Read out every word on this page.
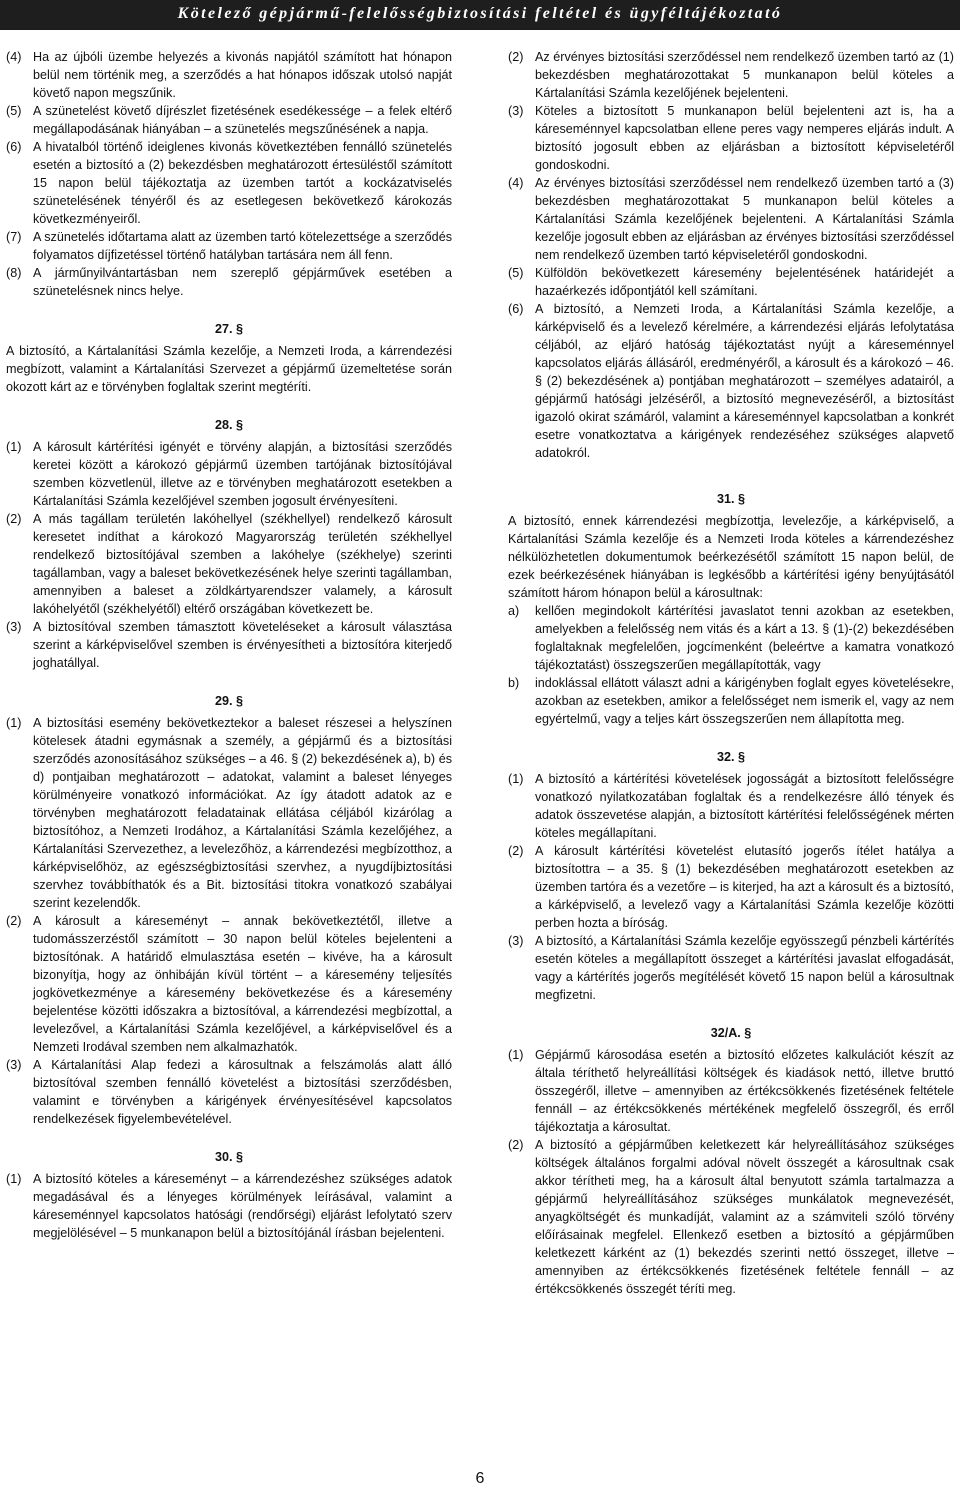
Kötelező gépjármű-felelősségbiztosítási feltétel és ügyféltájékoztató
(4) Ha az újbóli üzembe helyezés a kivonás napjától számított hat hónapon belül nem történik meg, a szerződés a hat hónapos időszak utolsó napját követő napon megszűnik.
(5) A szünetelést követő díjrészlet fizetésének esedékessége – a felek eltérő megállapodásának hiányában – a szünetelés megszűnésének a napja.
(6) A hivatalból történő ideiglenes kivonás következtében fennálló szünetelés esetén a biztosító a (2) bekezdésben meghatározott értesüléstől számított 15 napon belül tájékoztatja az üzemben tartót a kockázatviselés szünetelésének tényéről és az esetlegesen bekövetkező károkozás következményeiről.
(7) A szünetelés időtartama alatt az üzemben tartó kötelezettsége a szerződés folyamatos díjfizetéssel történő hatályban tartására nem áll fenn.
(8) A járműnyilvántartásban nem szereplő gépjárművek esetében a szünetelésnek nincs helye.
27. §

A biztosító, a Kártalanítási Számla kezelője, a Nemzeti Iroda, a kárrendezési megbízott, valamint a Kártalanítási Szervezet a gépjármű üzemeltetése során okozott kárt az e törvényben foglaltak szerint megtéríti.

28. §
(1) A károsult kártérítési igényét e törvény alapján, a biztosítási szerződés keretei között a károkozó gépjármű üzemben tartójának biztosítójával szemben közvetlenül, illetve az e törvényben meghatározott esetekben a Kártalanítási Számla kezelőjével szemben jogosult érvényesíteni.
(2) A más tagállam területén lakóhellyel (székhellyel) rendelkező károsult keresetet indíthat a károkozó Magyarország területén székhellyel rendelkező biztosítójával szemben a lakóhelye (székhelye) szerinti tagállamban, vagy a baleset bekövetkezésének helye szerinti tagállamban, amennyiben a baleset a zöldkártyarendszer valamely, a károsult lakóhelyétől (székhelyétől) eltérő országában következett be.
(3) A biztosítóval szemben támasztott követeléseket a károsult választása szerint a kárképviselővel szemben is érvényesítheti a biztosítóra kiterjedő joghatállyal.
29. §
(1) A biztosítási esemény bekövetkeztekor a baleset részesei a helyszínen kötelesek átadni egymásnak a személy, a gépjármű és a biztosítási szerződés azonosításához szükséges – a 46. § (2) bekezdésének a), b) és d) pontjaiban meghatározott – adatokat, valamint a baleset lényeges körülményeire vonatkozó információkat. Az így átadott adatok az e törvényben meghatározott feladatainak ellátása céljából kizárólag a biztosítóhoz, a Nemzeti Irodához, a Kártalanítási Számla kezelőjéhez, a Kártalanítási Szervezethez, a levelezőhöz, a kárrendezési megbízotthoz, a kárképviselőhöz, az egészségbiztosítási szervhez, a nyugdíjbiztosítási szervhez továbbíthatók és a Bit. biztosítási titokra vonatkozó szabályai szerint kezelendők.
(2) A károsult a káreseményt – annak bekövetkeztétől, illetve a tudomásszerzéstől számított – 30 napon belül köteles bejelenteni a biztosítónak. A határidő elmulasztása esetén – kivéve, ha a károsult bizonyítja, hogy az önhibáján kívül történt – a káresemény teljesítés jogkövetkezménye a káresemény bekövetkezése és a káresemény bejelentése közötti időszakra a biztosítóval, a kárrendezési megbízottal, a levelezővel, a Kártalanítási Számla kezelőjével, a kárképviselővel és a Nemzeti Irodával szemben nem alkalmazhatók.
(3) A Kártalanítási Alap fedezi a károsultnak a felszámolás alatt álló biztosítóval szemben fennálló követelést a biztosítási szerződésben, valamint e törvényben a kárigények érvényesítésével kapcsolatos rendelkezések figyelembevételével.
30. §
(1) A biztosító köteles a káreseményt – a kárrendezéshez szükséges adatok megadásával és a lényeges körülmények leírásával, valamint a káreseménnyel kapcsolatos hatósági (rendőrségi) eljárást lefolytató szerv megjelölésével – 5 munkanapon belül a biztosítójánál írásban bejelenteni.
(2) Az érvényes biztosítási szerződéssel nem rendelkező üzemben tartó az (1) bekezdésben meghatározottakat 5 munkanapon belül köteles a Kártalanítási Számla kezelőjének bejelenteni.
(3) Köteles a biztosított 5 munkanapon belül bejelenteni azt is, ha a káreseménnyel kapcsolatban ellene peres vagy nemperes eljárás indult. A biztosító jogosult ebben az eljárásban a biztosított képviseletéről gondoskodni.
(4) Az érvényes biztosítási szerződéssel nem rendelkező üzemben tartó a (3) bekezdésben meghatározottakat 5 munkanapon belül köteles a Kártalanítási Számla kezelőjének bejelenteni. A Kártalanítási Számla kezelője jogosult ebben az eljárásban az érvényes biztosítási szerződéssel nem rendelkező üzemben tartó képviseletéről gondoskodni.
(5) Külföldön bekövetkezett káresemény bejelentésének határidejét a hazaérkezés időpontjától kell számítani.
(6) A biztosító, a Nemzeti Iroda, a Kártalanítási Számla kezelője, a kárképviselő és a levelező kérelmére, a kárrendezési eljárás lefolytatása céljából, az eljáró hatóság tájékoztatást nyújt a káreseménnyel kapcsolatos eljárás állásáról, eredményéről, a károsult és a károkozó – 46. § (2) bekezdésének a) pontjában meghatározott – személyes adatairól, a gépjármű hatósági jelzéséről, a biztosító megnevezéséről, a biztosítást igazoló okirat számáról, valamint a káreseménnyel kapcsolatban a konkrét esetre vonatkoztatva a kárigények rendezéséhez szükséges alapvető adatokról.
31. §

A biztosító, ennek kárrendezési megbízottja, levelezője, a kárképviselő, a Kártalanítási Számla kezelője és a Nemzeti Iroda köteles a kárrendezéshez nélkülözhetetlen dokumentumok beérkezésétől számított 15 napon belül, de ezek beérkezésének hiányában is legkésőbb a kártérítési igény benyújtásától számított három hónapon belül a károsultnak:

a)	kellően megindokolt kártérítési javaslatot tenni azokban az esetekben, amelyekben a felelősség nem vitás és a kárt a 13. § (1)-(2) bekezdésében foglaltaknak megfelelően, jogcímenként (beleértve a kamatra vonatkozó tájékoztatást) összegszerűen megállapították, vagy
b)	indoklással ellátott választ adni a kárigényben foglalt egyes követelésekre, azokban az esetekben, amikor a felelősséget nem ismerik el, vagy az nem egyértelmű, vagy a teljes kárt összegszerűen nem állapította meg.
32. §
(1) A biztosító a kártérítési követelések jogosságát a biztosított felelősségre vonatkozó nyilatkozatában foglaltak és a rendelkezésre álló tények és adatok összevetése alapján, a biztosított kártérítési felelősségének mérten köteles megállapítani.
(2) A károsult kártérítési követelést elutasító jogerős ítélet hatálya a biztosítottra – a 35. § (1) bekezdésében meghatározott esetekben az üzemben tartóra és a vezetőre – is kiterjed, ha azt a károsult és a biztosító, a kárképviselő, a levelező vagy a Kártalanítási Számla kezelője közötti perben hozta a bíróság.
(3) A biztosító, a Kártalanítási Számla kezelője egyösszegű pénzbeli kártérítés esetén köteles a megállapított összeget a kártérítési javaslat elfogadását, vagy a kártérítés jogerős megítélését követő 15 napon belül a károsultnak megfizetni.
32/A. §
(1) Gépjármű károsodása esetén a biztosító előzetes kalkulációt készít az általa téríthető helyreállítási költségek és kiadások nettó, illetve bruttó összegéről, illetve – amennyiben az értékcsökkenés fizetésének feltétele fennáll – az értékcsökkenés mértékének megfelelő összegről, és erről tájékoztatja a károsultat.
(2) A biztosító a gépjárműben keletkezett kár helyreállításához szükséges költségek általános forgalmi adóval növelt összegét a károsultnak csak akkor térítheti meg, ha a károsult által benyutott számla tartalmazza a gépjármű helyreállításához szükséges munkálatok megnevezését, anyagköltségét és munkadíját, valamint az a számviteli szóló törvény előírásainak megfelel. Ellenkező esetben a biztosító a gépjárműben keletkezett kárként az (1) bekezdés szerinti nettó összeget, illetve – amennyiben az értékcsökkenés fizetésének feltétele fennáll – az értékcsökkenés összegét téríti meg.
6
